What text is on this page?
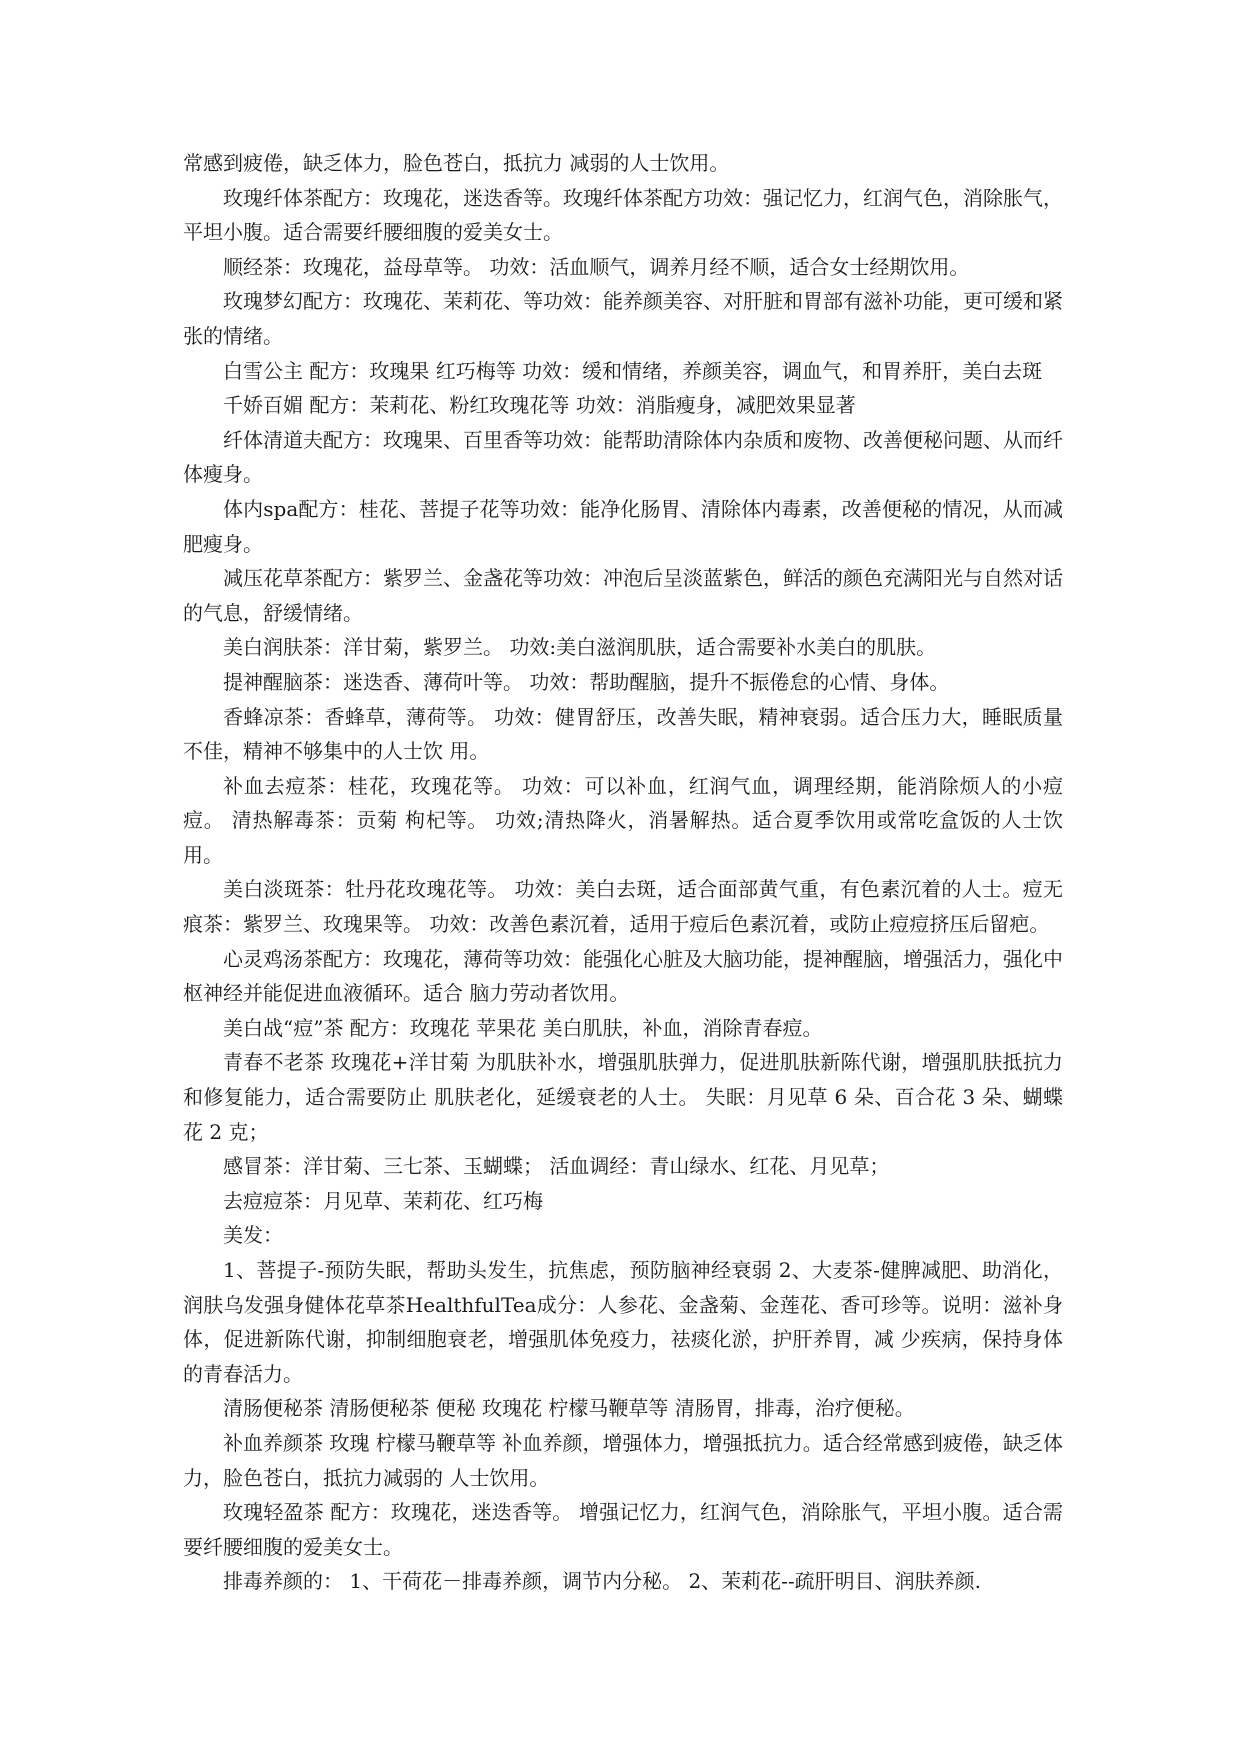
常感到疲倦，缺乏体力，脸色苍白，抵抗力 减弱的人士饮用。

玫瑰纤体茶配方：玫瑰花，迷迭香等。玫瑰纤体茶配方功效：强记忆力，红润气色，消除胀气，平坦小腹。适合需要纤腰细腹的爱美女士。

顺经茶：玫瑰花，益母草等。 功效：活血顺气，调养月经不顺，适合女士经期饮用。

玫瑰梦幻配方：玫瑰花、茉莉花、等功效：能养颜美容、对肝脏和胃部有滋补功能，更可缓和紧张的情绪。

白雪公主 配方：玫瑰果 红巧梅等 功效：缓和情绪，养颜美容，调血气，和胃养肝，美白去斑

千娇百媚 配方：茉莉花、粉红玫瑰花等 功效：消脂瘦身，减肥效果显著

纤体清道夫配方：玫瑰果、百里香等功效：能帮助清除体内杂质和废物、改善便秘问题、从而纤体瘦身。

体内spa配方：桂花、菩提子花等功效：能净化肠胃、清除体内毒素，改善便秘的情况，从而减肥瘦身。

减压花草茶配方：紫罗兰、金盏花等功效：冲泡后呈淡蓝紫色，鲜活的颜色充满阳光与自然对话的气息，舒缓情绪。

美白润肤茶：洋甘菊，紫罗兰。 功效:美白滋润肌肤，适合需要补水美白的肌肤。

提神醒脑茶：迷迭香、薄荷叶等。 功效：帮助醒脑，提升不振倦怠的心情、身体。

香蜂凉茶：香蜂草，薄荷等。 功效：健胃舒压，改善失眠，精神衰弱。适合压力大，睡眠质量不佳，精神不够集中的人士饮 用。

补血去痘茶：桂花，玫瑰花等。 功效：可以补血，红润气血，调理经期，能消除烦人的小痘痘。 清热解毒茶：贡菊 枸杞等。 功效;清热降火，消暑解热。适合夏季饮用或常吃盒饭的人士饮用。

美白淡斑茶：牡丹花玫瑰花等。 功效：美白去斑，适合面部黄气重，有色素沉着的人士。痘无痕茶：紫罗兰、玫瑰果等。 功效：改善色素沉着，适用于痘后色素沉着，或防止痘痘挤压后留疤。

心灵鸡汤茶配方：玫瑰花，薄荷等功效：能强化心脏及大脑功能，提神醒脑，增强活力，强化中枢神经并能促进血液循环。适合 脑力劳动者饮用。

美白战“痘”茶 配方：玫瑰花 苹果花 美白肌肤，补血，消除青春痘。

青春不老茶 玫瑰花+洋甘菊 为肌肤补水，增强肌肤弹力，促进肌肤新陈代谢，增强肌肤抵抗力和修复能力，适合需要防止 肌肤老化，延缓衰老的人士。 失眠：月见草 6 朵、百合花 3 朵、蝴蝶花 2 克；

感冒茶：洋甘菊、三七茶、玉蝴蝶； 活血调经：青山绿水、红花、月见草；

去痘痘茶：月见草、茉莉花、红巧梅

美发：

1、菩提子-预防失眠，帮助头发生，抗焦虑，预防脑神经衰弱 2、大麦茶-健脾减肥、助消化，润肤乌发强身健体花草茶HealthfulTea成分：人参花、金盏菊、金莲花、香可珍等。说明：滋补身体，促进新陈代谢，抑制细胞衰老，增强肌体免疫力，祛痰化淤，护肝养胃，减 少疾病，保持身体的青春活力。

清肠便秘茶 清肠便秘茶 便秘 玫瑰花 柠檬马鞭草等 清肠胃，排毒，治疗便秘。

补血养颜茶 玫瑰 柠檬马鞭草等 补血养颜，增强体力，增强抵抗力。适合经常感到疲倦，缺乏体力，脸色苍白，抵抗力减弱的 人士饮用。

玫瑰轻盈茶 配方：玫瑰花，迷迭香等。 增强记忆力，红润气色，消除胀气，平坦小腹。适合需要纤腰细腹的爱美女士。

排毒养颜的： 1、干荷花－排毒养颜，调节内分秘。 2、茉莉花--疏肝明目、润肤养颜.
